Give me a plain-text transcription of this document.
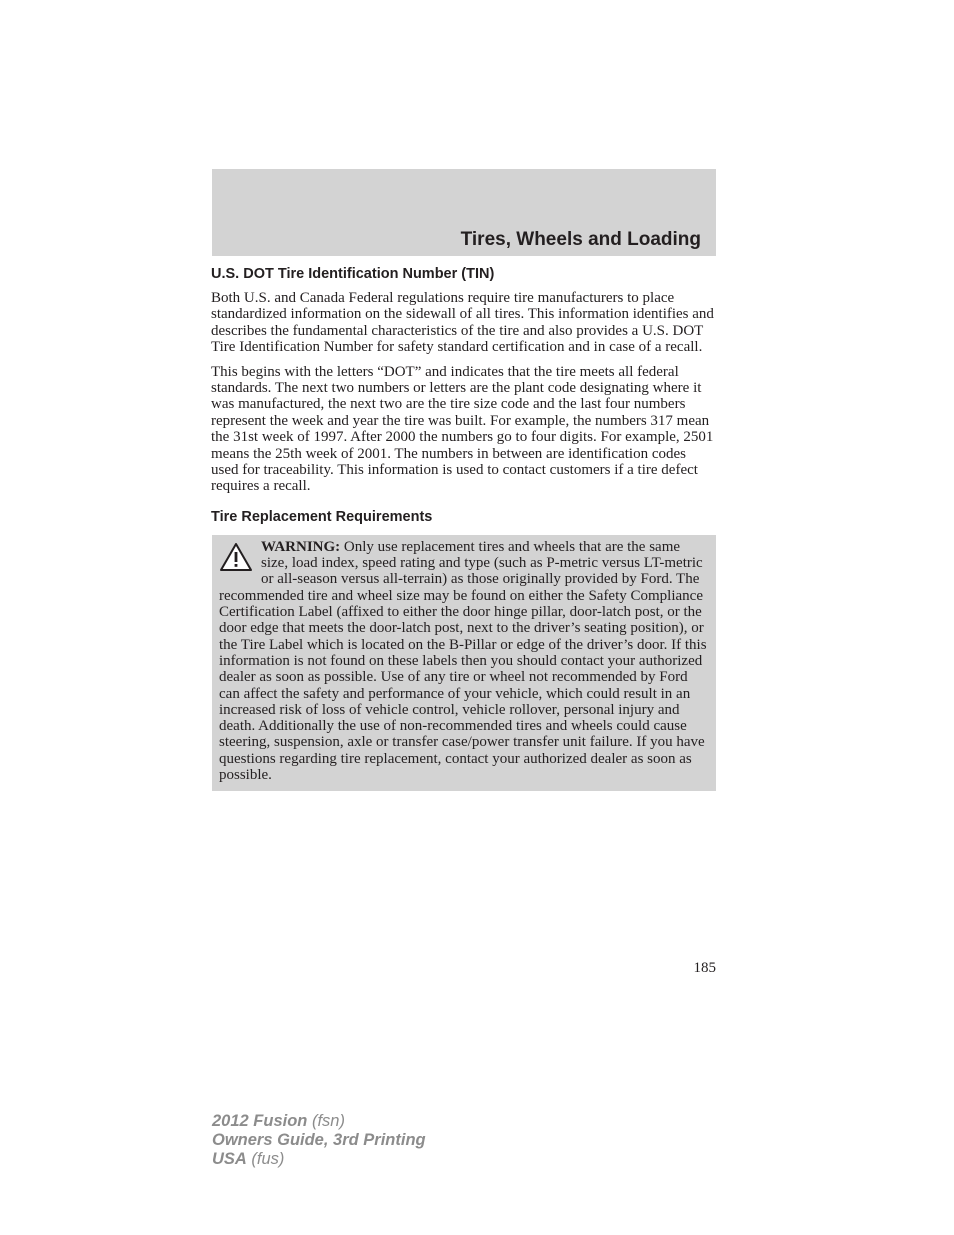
Tires, Wheels and Loading
U.S. DOT Tire Identification Number (TIN)

Both U.S. and Canada Federal regulations require tire manufacturers to place standardized information on the sidewall of all tires. This information identifies and describes the fundamental characteristics of the tire and also provides a U.S. DOT Tire Identification Number for safety standard certification and in case of a recall.

This begins with the letters “DOT” and indicates that the tire meets all federal standards. The next two numbers or letters are the plant code designating where it was manufactured, the next two are the tire size code and the last four numbers represent the week and year the tire was built. For example, the numbers 317 mean the 31st week of 1997. After 2000 the numbers go to four digits. For example, 2501 means the 25th week of 2001. The numbers in between are identification codes used for traceability. This information is used to contact customers if a tire defect requires a recall.

Tire Replacement Requirements
WARNING: Only use replacement tires and wheels that are the same size, load index, speed rating and type (such as P-metric versus LT-metric or all-season versus all-terrain) as those originally provided by Ford. The recommended tire and wheel size may be found on either the Safety Compliance Certification Label (affixed to either the door hinge pillar, door-latch post, or the door edge that meets the door-latch post, next to the driver’s seating position), or the Tire Label which is located on the B-Pillar or edge of the driver’s door. If this information is not found on these labels then you should contact your authorized dealer as soon as possible. Use of any tire or wheel not recommended by Ford can affect the safety and performance of your vehicle, which could result in an increased risk of loss of vehicle control, vehicle rollover, personal injury and death. Additionally the use of non-recommended tires and wheels could cause steering, suspension, axle or transfer case/power transfer unit failure. If you have questions regarding tire replacement, contact your authorized dealer as soon as possible.
185
2012 Fusion (fsn)
Owners Guide, 3rd Printing
USA (fus)
